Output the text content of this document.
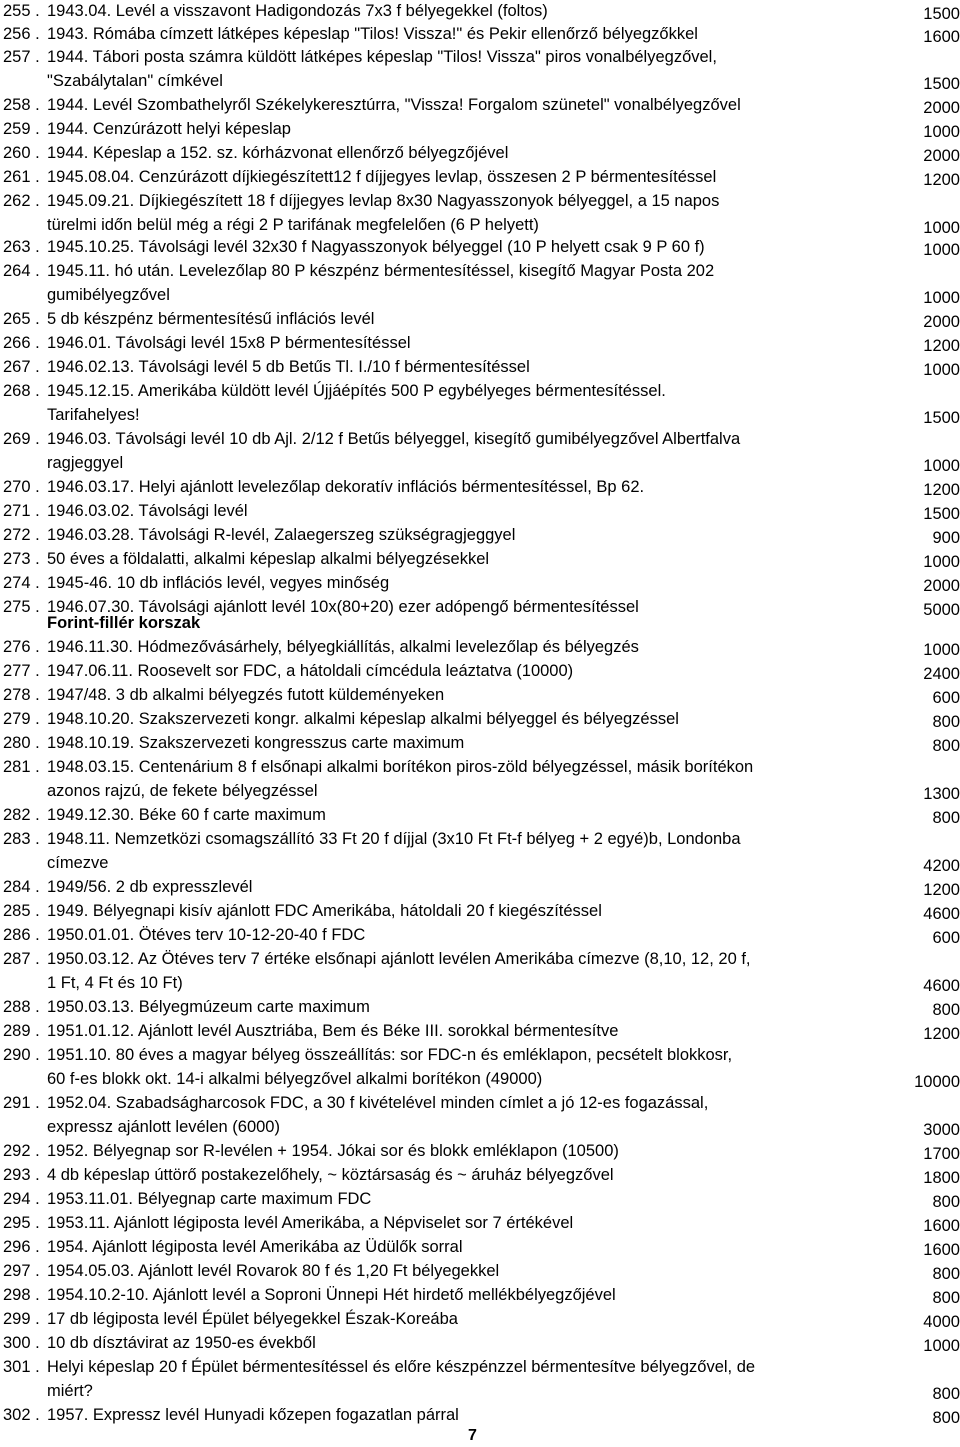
255 . 1943.04. Levél a visszavont Hadigondozás 7x3 f bélyegekkel (foltos)	1500
256 . 1943. Rómába címzett látképes képeslap "Tilos! Vissza!" és Pekir ellenőrző bélyegzőkkel	1600
257 . 1944. Tábori posta számra küldött látképes képeslap "Tilos! Vissza" piros vonalbélyegzővel,
"Szabálytalan" címkével	1500
258 . 1944. Levél Szombathelyről Székelykeresztúrra, "Vissza! Forgalom szünetel" vonalbélyegzővel	2000
259 . 1944. Cenzúrázott helyi képeslap	1000
260 . 1944. Képeslap a 152. sz. kórházvonat ellenőrző bélyegzőjével	2000
261 . 1945.08.04. Cenzúrázott díjkiegészített12 f díjjegyes levlap, összesen 2 P bérmentesítéssel	1200
262 . 1945.09.21. Díjkiegészített 18 f díjjegyes levlap 8x30 Nagyasszonyok bélyeggel, a 15 napos
türelmi időn belül még a régi 2 P tarifának megfelelően (6 P helyett)	1000
263 . 1945.10.25. Távolsági levél 32x30 f Nagyasszonyok bélyeggel (10 P helyett csak 9 P 60 f)	1000
264 . 1945.11. hó után. Levelezőlap 80 P készpénz bérmentesítéssel, kisegítő Magyar Posta 202
gumibélyegzővel	1000
265 . 5 db készpénz bérmentesítésű inflációs levél	2000
266 . 1946.01. Távolsági levél 15x8 P bérmentesítéssel	1200
267 . 1946.02.13. Távolsági levél 5 db Betűs Tl. I./10 f bérmentesítéssel	1000
268 . 1945.12.15. Amerikába küldött levél Újjáépítés 500 P egybélyeges bérmentesítéssel.
Tarifahelyes!	1500
269 . 1946.03. Távolsági levél 10 db Ajl. 2/12 f Betűs bélyeggel, kisegítő gumibélyegzővel Albertfalva
ragjeggyel	1000
270 . 1946.03.17. Helyi ajánlott levelezőlap dekoratív inflációs bérmentesítéssel, Bp 62.	1200
271 . 1946.03.02. Távolsági levél	1500
272 . 1946.03.28. Távolsági R-levél, Zalaegerszeg szükségragjeggyel	900
273 . 50 éves a földalatti, alkalmi képeslap alkalmi bélyegzésekkel	1000
274 . 1945-46. 10 db inflációs levél, vegyes minőség	2000
275 . 1946.07.30. Távolsági ajánlott levél 10x(80+20) ezer adópengő bérmentesítéssel	5000
276 . 1946.11.30. Hódmezővásárhely, bélyegkiállítás, alkalmi levelezőlap és bélyegzés	1000
277 . 1947.06.11. Roosevelt sor FDC, a hátoldali címcédula leáztatva (10000)	2400
278 . 1947/48. 3 db alkalmi bélyegzés futott küldeményeken	600
279 . 1948.10.20. Szakszervezeti kongr. alkalmi képeslap alkalmi bélyeggel és bélyegzéssel	800
280 . 1948.10.19. Szakszervezeti kongresszus carte maximum	800
281 . 1948.03.15. Centenárium 8 f elsőnapi alkalmi borítékon piros-zöld bélyegzéssel, másik borítékon
azonos rajzú, de fekete bélyegzéssel	1300
282 . 1949.12.30. Béke 60 f carte maximum	800
283 . 1948.11. Nemzetközi csomagszállító 33 Ft 20 f díjjal (3x10 Ft Ft-f bélyeg + 2 egyé)b, Londonba
címezve	4200
284 . 1949/56. 2 db expresszlevél	1200
285 . 1949. Bélyegnapi kisív ajánlott FDC Amerikába, hátoldali 20 f kiegészítéssel	4600
286 . 1950.01.01. Ötéves terv 10-12-20-40 f FDC	600
287 . 1950.03.12. Az Ötéves terv 7 értéke elsőnapi ajánlott levélen Amerikába címezve (8,10, 12, 20 f,
1 Ft, 4 Ft és 10 Ft)	4600
288 . 1950.03.13. Bélyegmúzeum carte maximum	800
289 . 1951.01.12. Ajánlott levél Ausztriába, Bem és Béke III. sorokkal bérmentesítve	1200
290 . 1951.10. 80 éves a magyar bélyeg összeállítás: sor FDC-n és emléklapon, pecsételt blokkosr,
60 f-es blokk okt. 14-i alkalmi bélyegzővel alkalmi borítékon (49000)	10000
291 . 1952.04. Szabadságharcosok FDC, a 30 f kivételével minden címlet a jó 12-es fogazással,
expressz ajánlott levélen (6000)	3000
292 . 1952. Bélyegnap sor R-levélen + 1954. Jókai sor és blokk emléklapon (10500)	1700
293 . 4 db képeslap úttörő postakezelőhely, ~ köztársaság és ~ áruház bélyegzővel	1800
294 . 1953.11.01. Bélyegnap carte maximum FDC	800
295 . 1953.11. Ajánlott légiposta levél Amerikába, a Népviselet sor 7 értékével	1600
296 . 1954. Ajánlott légiposta levél Amerikába az Üdülők sorral	1600
297 . 1954.05.03. Ajánlott levél Rovarok 80 f és 1,20 Ft bélyegekkel	800
298 . 1954.10.2-10. Ajánlott levél a Soproni Ünnepi Hét hirdető mellékbélyegzőjével	800
299 . 17 db légiposta levél Épület bélyegekkel Észak-Koreába	4000
300 . 10 db dísztávirat az 1950-es évekből	1000
301 . Helyi képeslap 20 f Épület bérmentesítéssel és előre készpénzzel bérmentesítve bélyegzővel, de
miért?	800
302 . 1957. Expressz levél Hunyadi kőzepen fogazatlan párral	800
Forint-fillér korszak
7
